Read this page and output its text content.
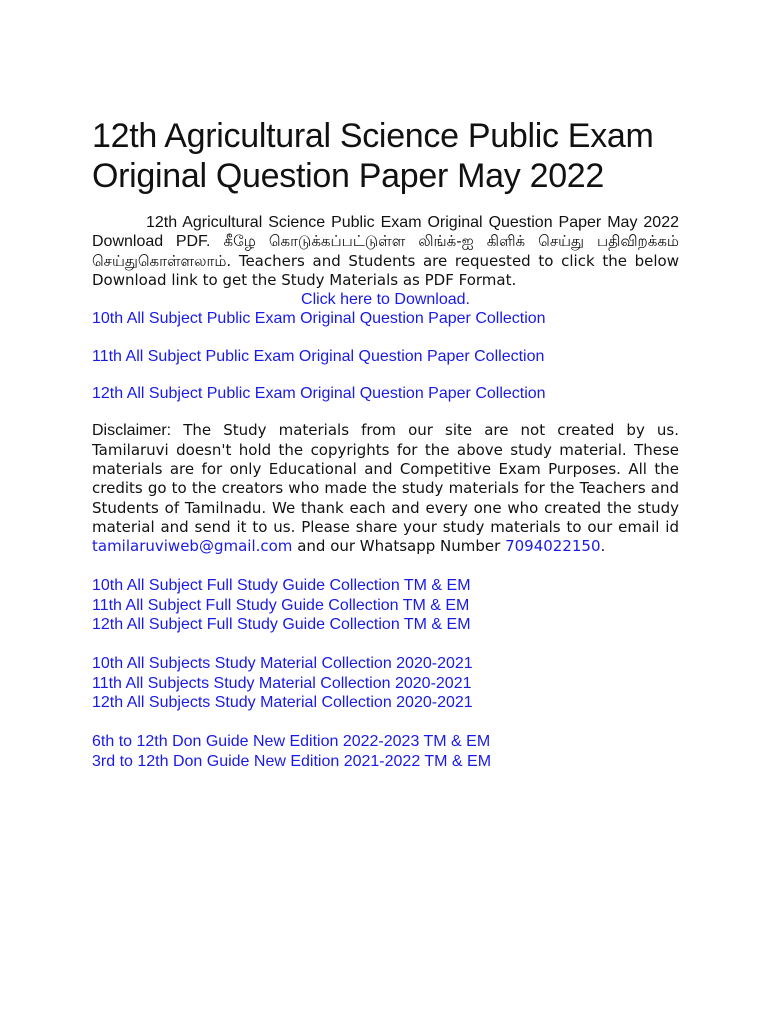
12th Agricultural Science Public Exam Original Question Paper May 2022

12th Agricultural Science Public Exam Original Question Paper May 2022 Download PDF. கீழே கொடுக்கப்பட்டுள்ள லிங்க்-ஐ கிளிக் செய்து பதிவிறக்கம் செய்துகொள்ளலாம். Teachers and Students are requested to click the below Download link to get the Study Materials as PDF Format.

Click here to Download.
10th All Subject Public Exam Original Question Paper Collection
11th All Subject Public Exam Original Question Paper Collection
12th All Subject Public Exam Original Question Paper Collection

Disclaimer: The Study materials from our site are not created by us. Tamilaruvi doesn't hold the copyrights for the above study material. These materials are for only Educational and Competitive Exam Purposes. All the credits go to the creators who made the study materials for the Teachers and Students of Tamilnadu. We thank each and every one who created the study material and send it to us. Please share your study materials to our email id tamilaruviweb@gmail.com and our Whatsapp Number 7094022150.

10th All Subject Full Study Guide Collection TM & EM
11th All Subject Full Study Guide Collection TM & EM
12th All Subject Full Study Guide Collection TM & EM
10th All Subjects Study Material Collection 2020-2021
11th All Subjects Study Material Collection 2020-2021
12th All Subjects Study Material Collection 2020-2021
6th to 12th Don Guide New Edition 2022-2023 TM & EM
3rd to 12th Don Guide New Edition 2021-2022 TM & EM
